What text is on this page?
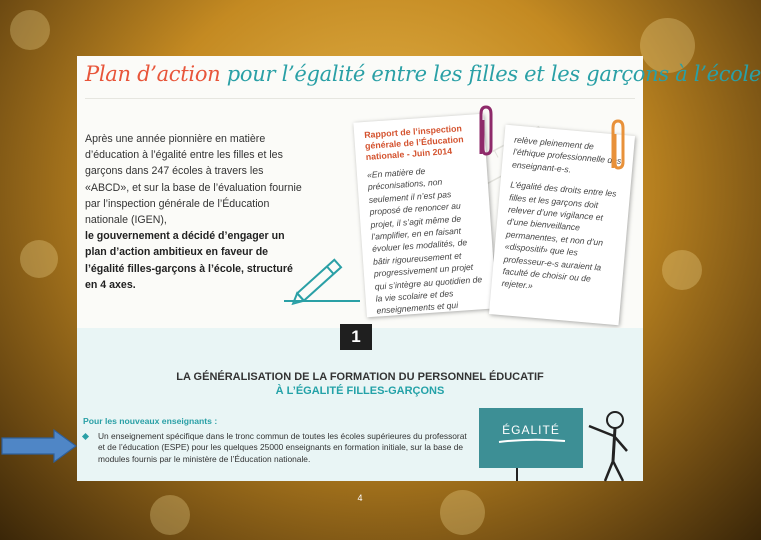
Plan d’action pour l’égalité entre les filles et les garçons à l’école

Après une année pionnière en matière d’éducation à l’égalité entre les filles et les garçons dans 247 écoles à travers les «ABCD», et sur la base de l’évaluation fournie par l’inspection générale de l’Éducation nationale (IGEN),

le gouvernement a décidé d’engager un plan d’action ambitieux en faveur de l’égalité filles-garçons à l’école, structuré en 4 axes.

Rapport de l’inspection générale de l’Éducation nationale - Juin 2014
«En matière de préconisations, non seulement il n’est pas proposé de renoncer au projet, il s’agit même de l’amplifier, en en faisant évoluer les modalités, de bâtir rigoureusement et progressivement un projet qui s’intègre au quotidien de la vie scolaire et des enseignements et qui
relève pleinement de l’éthique professionnelle des enseignant-e-s.
L’égalité des droits entre les filles et les garçons doit relever d’une vigilance et d’une bienveillance permanentes, et non d’un «dispositif» que les professeur-e-s auraient la faculté de choisir ou de rejeter.»
1
LA GÉNÉRALISATION DE LA FORMATION DU PERSONNEL ÉDUCATIF
À L’ÉGALITÉ FILLES-GARÇONS
Pour les nouveaux enseignants :
Un enseignement spécifique dans le tronc commun de toutes les écoles supérieures du professorat et de l’éducation (ESPE) pour les quelques 25000 enseignants en formation initiale, sur la base de modules fournis par le ministère de l’Éducation nationale.
ÉGALITÉ
4
